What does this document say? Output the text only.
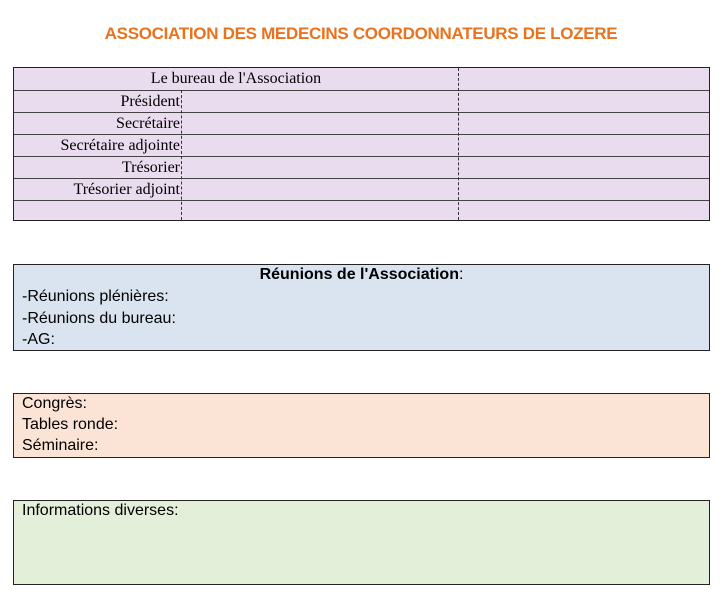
ASSOCIATION DES MEDECINS COORDONNATEURS DE LOZERE
Le bureau de l'Association
Président
Secrétaire
Secrétaire adjointe
Trésorier
Trésorier adjoint
Réunions de l'Association:
-Réunions plénières:
-Réunions du bureau:
-AG:
Congrès:
Tables ronde:
Séminaire:
Informations diverses:
